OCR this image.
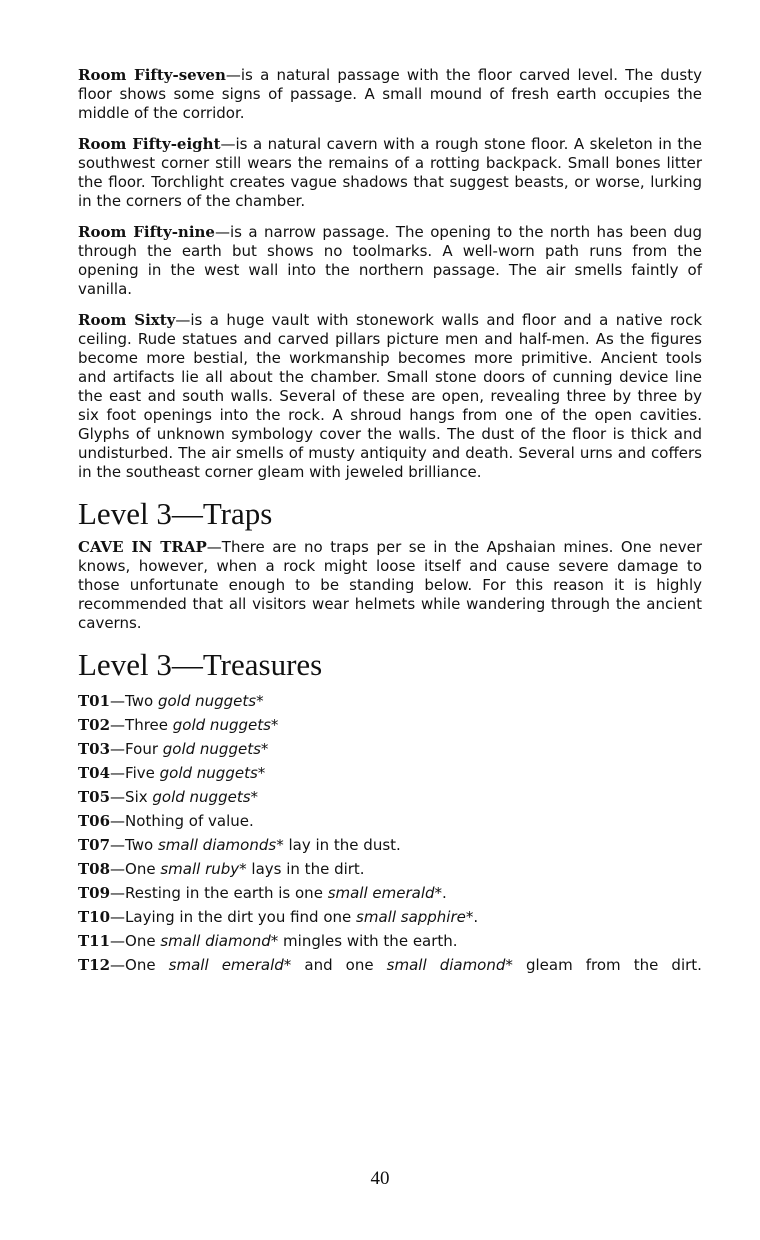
Room Fifty-seven—is a natural passage with the floor carved level. The dusty floor shows some signs of passage. A small mound of fresh earth occupies the middle of the corridor.

Room Fifty-eight—is a natural cavern with a rough stone floor. A skeleton in the southwest corner still wears the remains of a rotting backpack. Small bones litter the floor. Torchlight creates vague shadows that suggest beasts, or worse, lurking in the corners of the chamber.

Room Fifty-nine—is a narrow passage. The opening to the north has been dug through the earth but shows no toolmarks. A well-worn path runs from the opening in the west wall into the northern passage. The air smells faintly of vanilla.

Room Sixty—is a huge vault with stonework walls and floor and a native rock ceiling. Rude statues and carved pillars picture men and half-men. As the figures become more bestial, the workmanship becomes more primitive. Ancient tools and artifacts lie all about the chamber. Small stone doors of cunning device line the east and south walls. Several of these are open, revealing three by three by six foot openings into the rock. A shroud hangs from one of the open cavities. Glyphs of unknown symbology cover the walls. The dust of the floor is thick and undisturbed. The air smells of musty antiquity and death. Several urns and coffers in the southeast corner gleam with jeweled brilliance.

Level 3—Traps

CAVE IN TRAP—There are no traps per se in the Apshaian mines. One never knows, however, when a rock might loose itself and cause severe damage to those unfortunate enough to be standing below. For this reason it is highly recommended that all visitors wear helmets while wandering through the ancient caverns.

Level 3—Treasures
T01—Two gold nuggets*
T02—Three gold nuggets*
T03—Four gold nuggets*
T04—Five gold nuggets*
T05—Six gold nuggets*
T06—Nothing of value.
T07—Two small diamonds* lay in the dust.
T08—One small ruby* lays in the dirt.
T09—Resting in the earth is one small emerald*.
T10—Laying in the dirt you find one small sapphire*.
T11—One small diamond* mingles with the earth.
T12—One small emerald* and one small diamond* gleam from the dirt.
40
